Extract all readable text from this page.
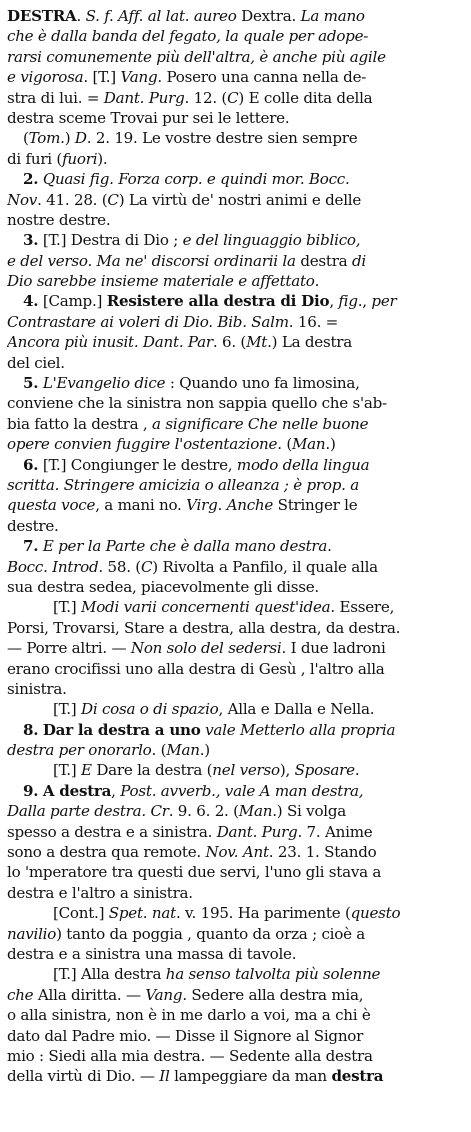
DESTRA. S. f. Aff. al lat. aureo Dextra. La mano
che è dalla banda del fegato, la quale per adope-
rarsi comunemente più dell'altra, è anche più agile
e vigorosa. [T.] Vang. Posero una canna nella de-
stra di lui. = Dant. Purg. 12. (C) E colle dita della
destra sceme Trovai pur sei le lettere.
(Tom.) D. 2. 19. Le vostre destre sien sempre
di furi (fuori).
2. Quasi fig. Forza corp. e quindi mor. Bocc.
Nov. 41. 28. (C) La virtù de' nostri animi e delle
nostre destre.
3. [T.] Destra di Dio ; e del linguaggio biblico,
e del verso. Ma ne' discorsi ordinarii la destra di
Dio sarebbe insieme materiale e affettato.
4. [Camp.] Resistere alla destra di Dio, fig., per
Contrastare ai voleri di Dio. Bib. Salm. 16. =
Ancora più inusit. Dant. Par. 6. (Mt.) La destra
del ciel.
5. L'Evangelio dice : Quando uno fa limosina,
conviene che la sinistra non sappia quello che s'ab-
bia fatto la destra , a significare Che nelle buone
opere convien fuggire l'ostentazione. (Man.)
6. [T.] Congiunger le destre, modo della lingua
scritta. Stringere amicizia o alleanza ; è prop. a
questa voce, a mani no. Virg. Anche Stringer le
destre.
7. E per la Parte che è dalla mano destra.
Bocc. Introd. 58. (C) Rivolta a Panfilo, il quale alla
sua destra sedea, piacevolmente gli disse.
[T.] Modi varii concernenti quest'idea. Essere,
Porsi, Trovarsi, Stare a destra, alla destra, da destra.
— Porre altri. — Non solo del sedersi. I due ladroni
erano crocifissi uno alla destra di Gesù , l'altro alla
sinistra.
[T.] Di cosa o di spazio, Alla e Dalla e Nella.
8. Dar la destra a uno vale Metterlo alla propria
destra per onorarlo. (Man.)
[T.] E Dare la destra (nel verso), Sposare.
9. A destra, Post. avverb., vale A man destra,
Dalla parte destra. Cr. 9. 6. 2. (Man.) Si volga
spesso a destra e a sinistra. Dant. Purg. 7. Anime
sono a destra qua remote. Nov. Ant. 23. 1. Stando
lo 'mperatore tra questi due servi, l'uno gli stava a
destra e l'altro a sinistra.
[Cont.] Spet. nat. v. 195. Ha parimente (questo
navilio) tanto da poggia , quanto da orza ; cioè a
destra e a sinistra una massa di tavole.
[T.] Alla destra ha senso talvolta più solenne
che Alla diritta. — Vang. Sedere alla destra mia,
o alla sinistra, non è in me darlo a voi, ma a chi è
dato dal Padre mio. — Disse il Signore al Signor
mio : Siedi alla mia destra. — Sedente alla destra
della virtù di Dio. — Il lampeggiare da man destra
